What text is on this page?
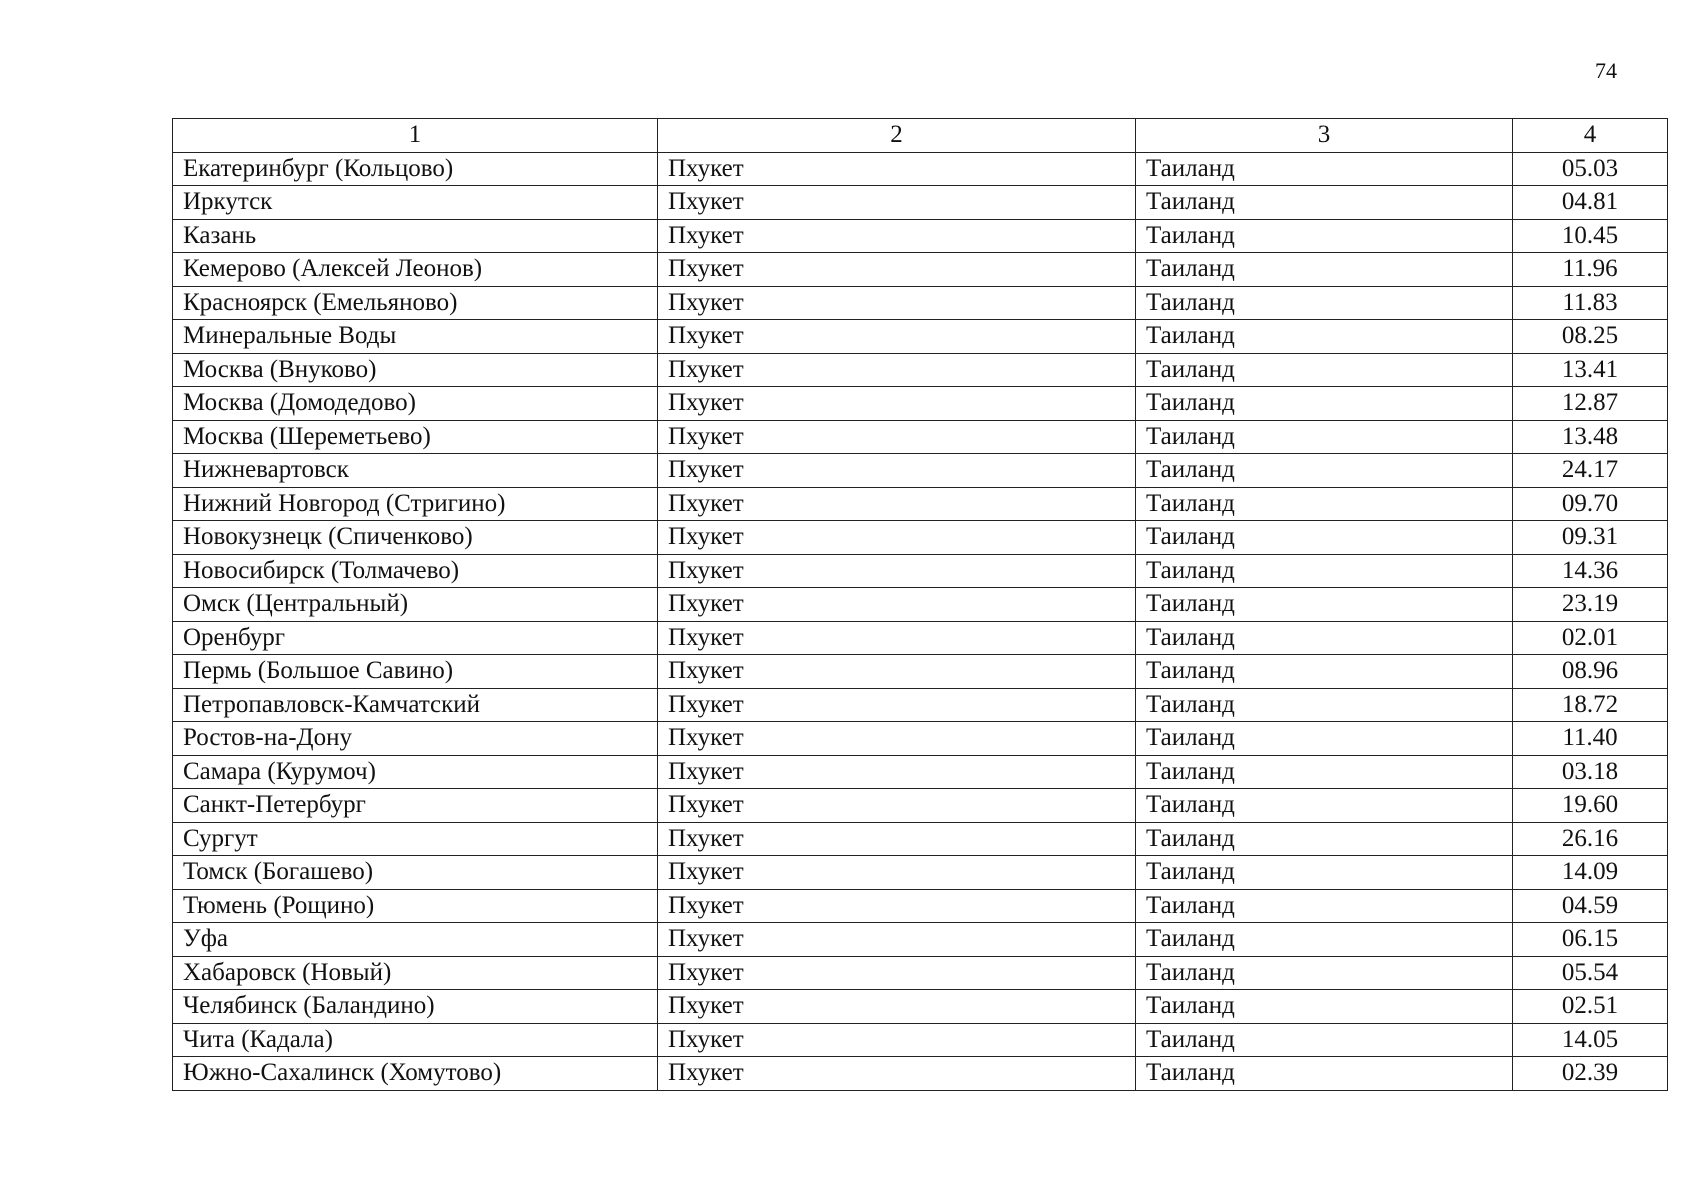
74
1	2	3	4
Екатеринбург (Кольцово)	Пхукет	Таиланд	05.03
Иркутск	Пхукет	Таиланд	04.81
Казань	Пхукет	Таиланд	10.45
Кемерово (Алексей Леонов)	Пхукет	Таиланд	11.96
Красноярск (Емельяново)	Пхукет	Таиланд	11.83
Минеральные Воды	Пхукет	Таиланд	08.25
Москва (Внуково)	Пхукет	Таиланд	13.41
Москва (Домодедово)	Пхукет	Таиланд	12.87
Москва (Шереметьево)	Пхукет	Таиланд	13.48
Нижневартовск	Пхукет	Таиланд	24.17
Нижний Новгород (Стригино)	Пхукет	Таиланд	09.70
Новокузнецк (Спиченково)	Пхукет	Таиланд	09.31
Новосибирск (Толмачево)	Пхукет	Таиланд	14.36
Омск (Центральный)	Пхукет	Таиланд	23.19
Оренбург	Пхукет	Таиланд	02.01
Пермь (Большое Савино)	Пхукет	Таиланд	08.96
Петропавловск-Камчатский	Пхукет	Таиланд	18.72
Ростов-на-Дону	Пхукет	Таиланд	11.40
Самара (Курумоч)	Пхукет	Таиланд	03.18
Санкт-Петербург	Пхукет	Таиланд	19.60
Сургут	Пхукет	Таиланд	26.16
Томск (Богашево)	Пхукет	Таиланд	14.09
Тюмень (Рощино)	Пхукет	Таиланд	04.59
Уфа	Пхукет	Таиланд	06.15
Хабаровск (Новый)	Пхукет	Таиланд	05.54
Челябинск (Баландино)	Пхукет	Таиланд	02.51
Чита (Кадала)	Пхукет	Таиланд	14.05
Южно-Сахалинск (Хомутово)	Пхукет	Таиланд	02.39
